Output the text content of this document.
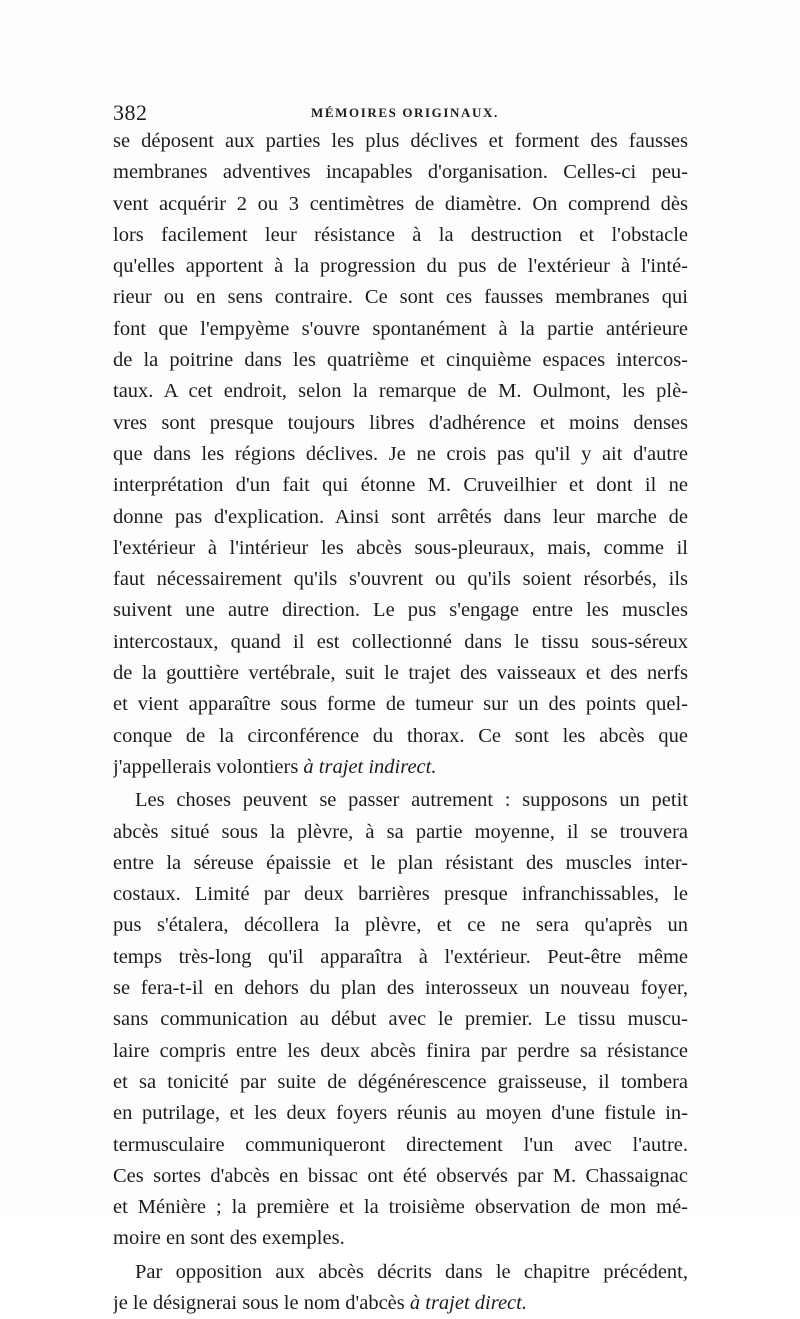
382	MÉMOIRES ORIGINAUX.
se déposent aux parties les plus déclives et forment des fausses
membranes adventives incapables d'organisation. Celles-ci peu-
vent acquérir 2 ou 3 centimètres de diamètre. On comprend dès
lors facilement leur résistance à la destruction et l'obstacle
qu'elles apportent à la progression du pus de l'extérieur à l'inté-
rieur ou en sens contraire. Ce sont ces fausses membranes qui
font que l'empyème s'ouvre spontanément à la partie antérieure
de la poitrine dans les quatrième et cinquième espaces intercos-
taux. A cet endroit, selon la remarque de M. Oulmont, les plè-
vres sont presque toujours libres d'adhérence et moins denses
que dans les régions déclives. Je ne crois pas qu'il y ait d'autre
interprétation d'un fait qui étonne M. Cruveilhier et dont il ne
donne pas d'explication. Ainsi sont arrêtés dans leur marche de
l'extérieur à l'intérieur les abcès sous-pleuraux, mais, comme il
faut nécessairement qu'ils s'ouvrent ou qu'ils soient résorbés, ils
suivent une autre direction. Le pus s'engage entre les muscles
intercostaux, quand il est collectionné dans le tissu sous-séreux
de la gouttière vertébrale, suit le trajet des vaisseaux et des nerfs
et vient apparaître sous forme de tumeur sur un des points quel-
conque de la circonférence du thorax. Ce sont les abcès que
j'appellerais volontiers à trajet indirect.
Les choses peuvent se passer autrement : supposons un petit
abcès situé sous la plèvre, à sa partie moyenne, il se trouvera
entre la séreuse épaissie et le plan résistant des muscles inter-
costaux. Limité par deux barrières presque infranchissables, le
pus s'étalera, décollera la plèvre, et ce ne sera qu'après un
temps très-long qu'il apparaîtra à l'extérieur. Peut-être même
se fera-t-il en dehors du plan des interosseux un nouveau foyer,
sans communication au début avec le premier. Le tissu muscu-
laire compris entre les deux abcès finira par perdre sa résistance
et sa tonicité par suite de dégénérescence graisseuse, il tombera
en putrilage, et les deux foyers réunis au moyen d'une fistule in-
termusculaire communiqueront directement l'un avec l'autre.
Ces sortes d'abcès en bissac ont été observés par M. Chassaignac
et Ménière ; la première et la troisième observation de mon mé-
moire en sont des exemples.
Par opposition aux abcès décrits dans le chapitre précédent,
je le désignerai sous le nom d'abcès à trajet direct.
